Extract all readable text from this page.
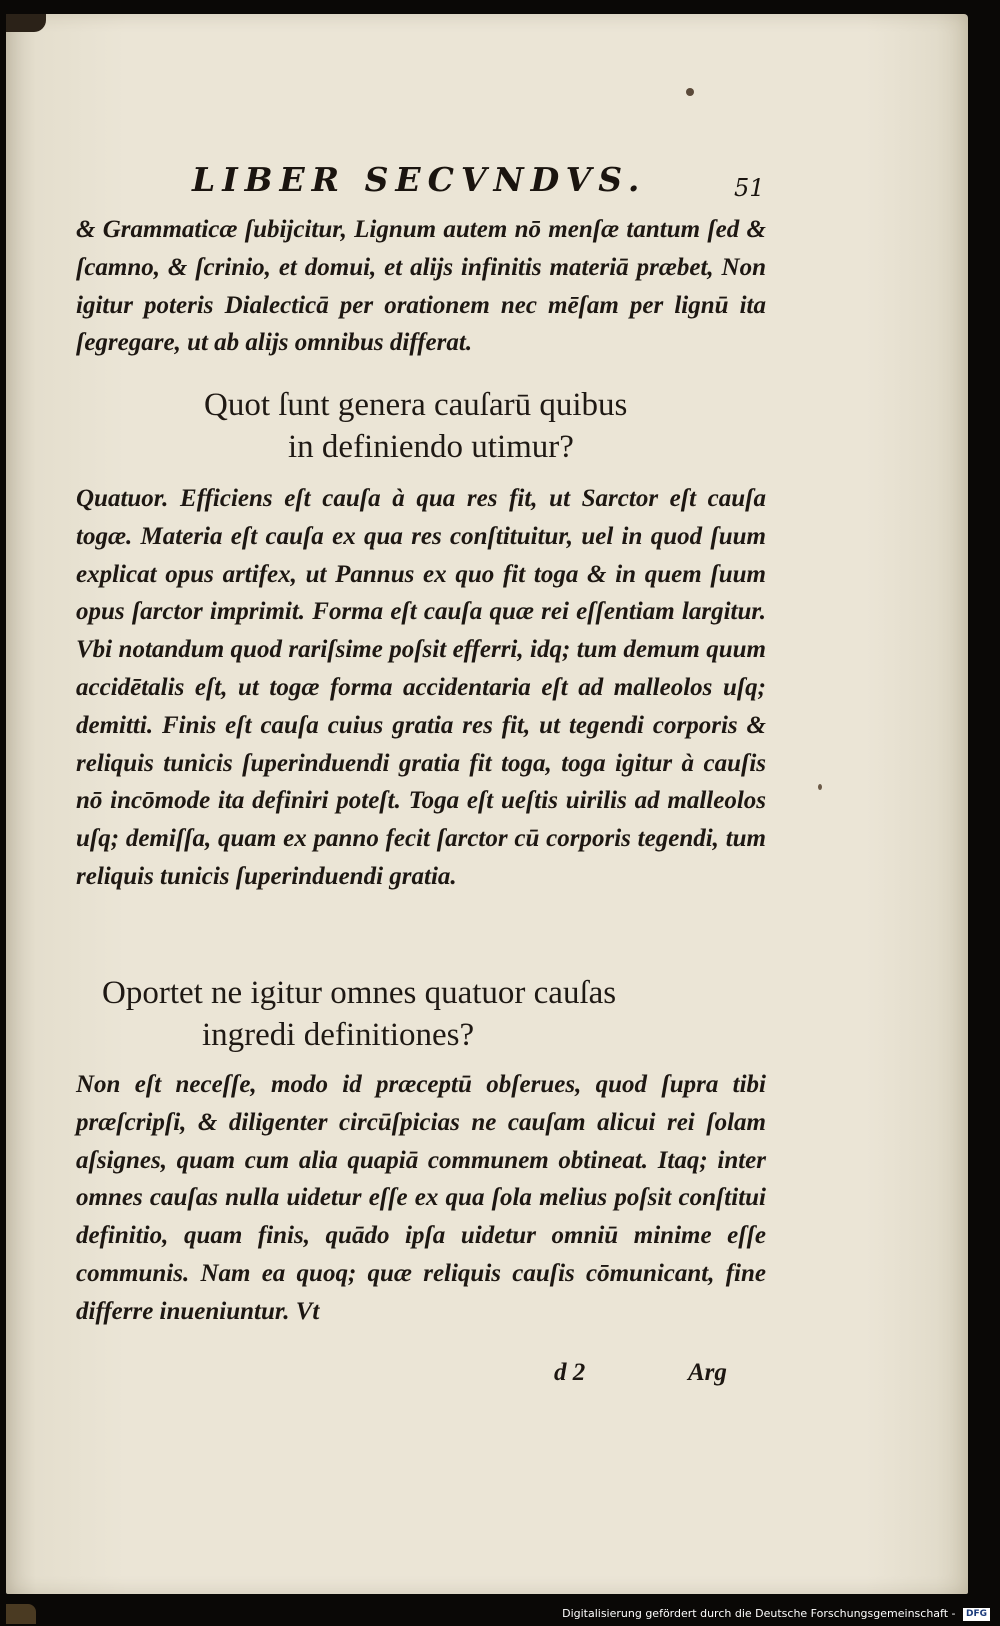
LIBER SECVNDVS.	51

& Grammaticæ ſubijcitur, Lignum autem nō menſæ tantum ſed & ſcamno, & ſcrinio, et domui, et alijs infinitis materiā præbet, Non igitur poteris Dialecticā per orationem nec mēſam per lignū ita ſegregare, ut ab alijs omnibus differat.

Quot ſunt genera cauſarū quibus
in definiendo utimur?

Quatuor. Efficiens eſt cauſa à qua res fit, ut Sarctor eſt cauſa togæ. Materia eſt cauſa ex qua res conſtituitur, uel in quod ſuum explicat opus artifex, ut Pannus ex quo fit toga & in quem ſuum opus ſarctor imprimit. Forma eſt cauſa quæ rei eſſentiam largitur. Vbi notandum quod rariſsime poſsit efferri, idq; tum demum quum accidētalis eſt, ut togæ forma accidentaria eſt ad malleolos uſq; demitti. Finis eſt cauſa cuius gratia res fit, ut tegendi corporis & reliquis tunicis ſuperinduendi gratia fit toga, toga igitur à cauſis nō incōmode ita definiri poteſt. Toga eſt ueſtis uirilis ad malleolos uſq; demiſſa, quam ex panno fecit ſarctor cū corporis tegendi, tum reliquis tunicis ſuperinduendi gratia.

Oportet ne igitur omnes quatuor cauſas
ingredi definitiones?

Non eſt neceſſe, modo id præceptū obſerues, quod ſupra tibi præſcripſi, & diligenter circūſpicias ne cauſam alicui rei ſolam aſsignes, quam cum alia quapiā communem obtineat. Itaq; inter omnes cauſas nulla uidetur eſſe ex qua ſola melius poſsit conſtitui definitio, quam finis, quādo ipſa uidetur omniū minime eſſe communis. Nam ea quoq; quæ reliquis cauſis cōmunicant, fine differre inueniuntur. Vt

d 2	Arg
Digitalisierung gefördert durch die Deutsche Forschungsgemeinschaft - DFG
